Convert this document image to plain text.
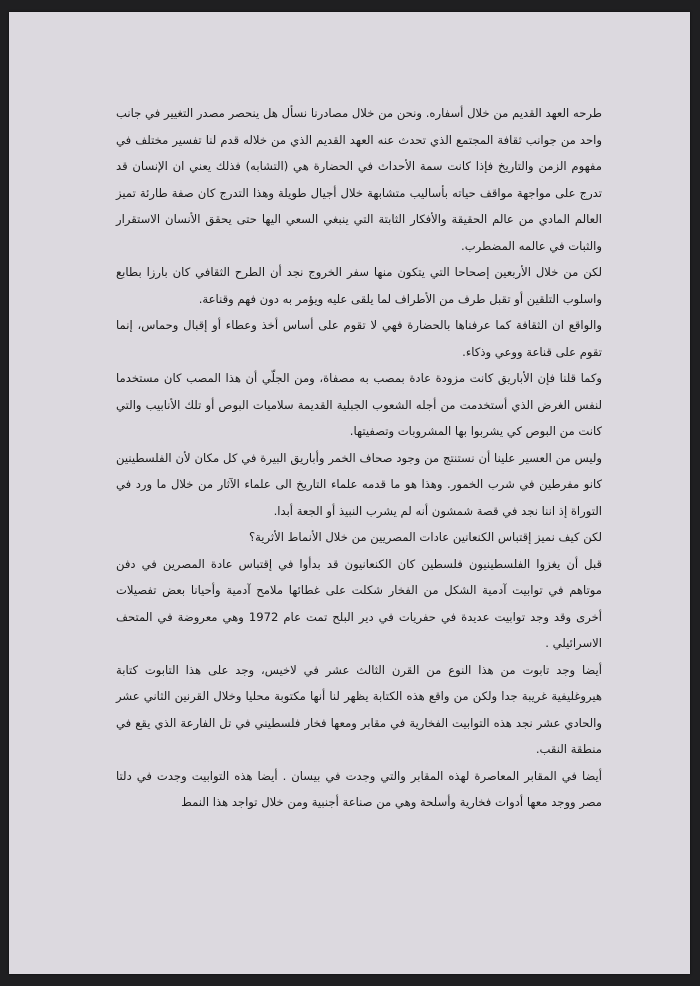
طرحه العهد القديم من خلال أسفاره. ونحن من خلال مصادرنا نسأل هل ينحصر مصدر التغيير في جانب واحد من جوانب ثقافة المجتمع الذي تحدث عنه العهد القديم الذي من خلاله قدم لنا تفسير مختلف في مفهوم الزمن والتاريخ فإذا كانت سمة الأحداث في الحضارة هي (التشابه) فذلك يعني ان الإنسان قد تدرج على مواجهة مواقف حياته بأساليب متشابهة خلال أجيال طويلة وهذا التدرج كان صفة طارئة تميز العالم المادي من عالم الحقيقة والأفكار الثابتة التي ينبغي السعي اليها حتى يحقق الأنسان الاستقرار والثبات في عالمه المضطرب.

لكن من خلال الأربعين إصحاحا التي يتكون منها سفر الخروج نجد أن الطرح الثقافي كان بارزا بطابع واسلوب التلقين أو تقبل طرف من الأطراف لما يلقى عليه ويؤمر به دون فهم وقناعة.

والواقع ان الثقافة كما عرفناها بالحضارة فهي لا تقوم على أساس أخذ وعطاء أو إقبال وحماس، إنما تقوم على قناعة ووعي وذكاء.

وكما قلنا فإن الأباريق كانت مزودة عادة بمصب به مصفاة، ومن الجلّي أن هذا المصب كان مستخدما لنفس الغرض الذي أستخدمت من أجله الشعوب الجبلية القديمة سلاميات البوص أو تلك الأنابيب والتي كانت من البوص كي يشربوا بها المشروبات وتصفيتها.

وليس من العسير علينا أن نستنتج من وجود صحاف الخمر وأباريق البيرة في كل مكان لأن الفلسطينين كانو مفرطين في شرب الخمور. وهذا هو ما قدمه علماء التاريخ الى علماء الآثار من خلال ما ورد في التوراة إذ اننا نجد في قصة شمشون أنه لم يشرب النبيذ أو الجعة أبدا.

لكن كيف نميز إقتباس الكنعانين عادات المصريين من خلال الأنماط الأثرية؟

قبل أن يغزوا الفلسطينيون فلسطين كان الكنعانيون قد بدأوا في إقتباس عادة المصرين في دفن موتاهم في توابيت آدمية الشكل من الفخار شكلت على غطائها ملامح آدمية وأحيانا بعض تفصيلات أخرى وقد وجد توابيت عديدة في حفريات في دير البلح تمت عام 1972 وهي معروضة في المتحف الاسرائيلي .

أيضا وجد تابوت من هذا النوع من القرن الثالث عشر في لاخيس، وجد على هذا التابوت كتابة هيروغليفية غريبة جدا ولكن من واقع هذه الكتابة يظهر لنا أنها مكتوبة محليا وخلال القرنين الثاني عشر والحادي عشر نجد هذه التوابيت الفخارية في مقابر ومعها فخار فلسطيني في تل الفارعة الذي يقع في منطقة النقب.

أيضا في المقابر المعاصرة لهذه المقابر والتي وجدت في بيسان . أيضا هذه التوابيت وجدت في دلتا مصر ووجد معها أدوات فخارية وأسلحة وهي من صناعة أجنبية ومن خلال تواجد هذا النمط
